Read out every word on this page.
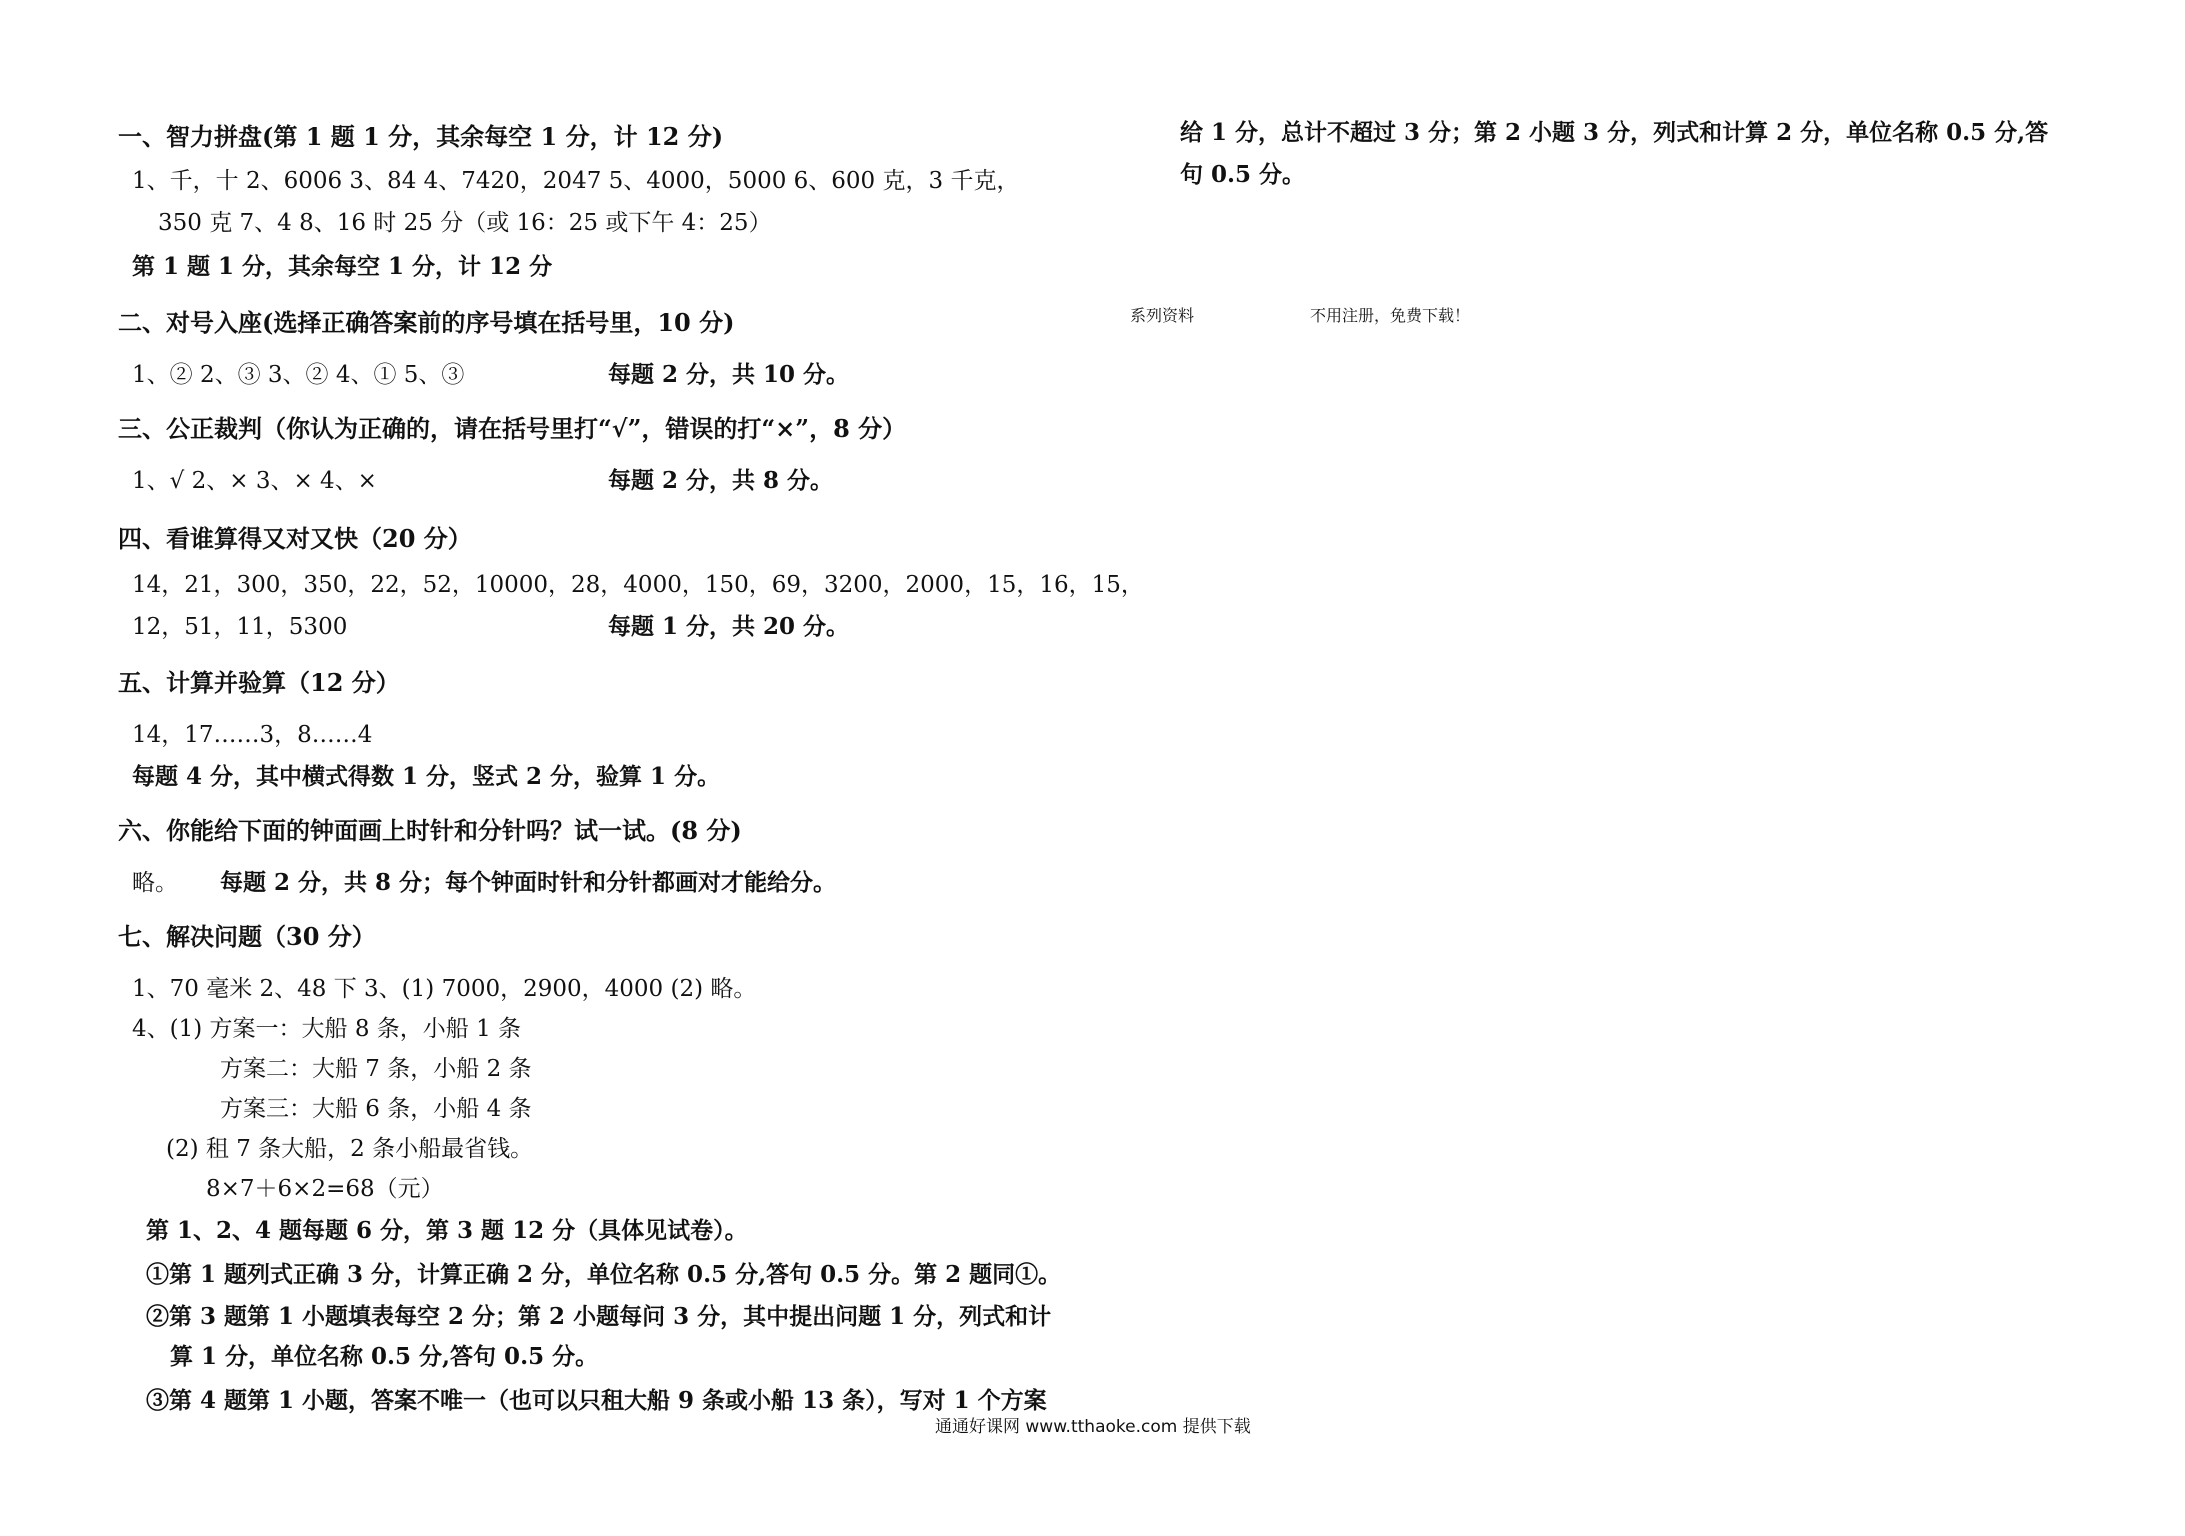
一、智力拼盘(第 1 题 1 分，其余每空 1 分，计 12 分)
1、千，十 2、6006 3、84 4、7420，2047 5、4000，5000 6、600 克，3 千克，
350 克 7、4 8、16 时 25 分（或 16：25 或下午 4：25）
第 1 题 1 分，其余每空 1 分，计 12 分
二、对号入座(选择正确答案前的序号填在括号里，10 分)
1、② 2、③ 3、② 4、① 5、③	每题 2 分，共 10 分。
三、公正裁判（你认为正确的，请在括号里打“√”，错误的打“×”，8 分）
1、√ 2、× 3、× 4、×	每题 2 分，共 8 分。
四、看谁算得又对又快（20 分）
14，21，300，350，22，52，10000，28，4000，150，69，3200，2000，15，16，15，
12，51，11，5300	每题 1 分，共 20 分。
五、计算并验算（12 分）
14，17……3，8……4
每题 4 分，其中横式得数 1 分，竖式 2 分，验算 1 分。
六、你能给下面的钟面画上时针和分针吗？试一试。(8 分)
略。 每题 2 分，共 8 分；每个钟面时针和分针都画对才能给分。
七、解决问题（30 分）
1、70 毫米 2、48 下 3、(1) 7000，2900，4000 (2) 略。
4、(1) 方案一：大船 8 条，小船 1 条
方案二：大船 7 条，小船 2 条
方案三：大船 6 条，小船 4 条
(2) 租 7 条大船，2 条小船最省钱。
8×7＋6×2=68（元）
第 1、2、4 题每题 6 分，第 3 题 12 分（具体见试卷）。
①第 1 题列式正确 3 分，计算正确 2 分，单位名称 0.5 分,答句 0.5 分。第 2 题同①。
②第 3 题第 1 小题填表每空 2 分；第 2 小题每问 3 分，其中提出问题 1 分，列式和计
算 1 分，单位名称 0.5 分,答句 0.5 分。
③第 4 题第 1 小题，答案不唯一（也可以只租大船 9 条或小船 13 条），写对 1 个方案
给 1 分，总计不超过 3 分；第 2 小题 3 分，列式和计算 2 分，单位名称 0.5 分,答
句 0.5 分。
系列资料	不用注册，免费下载！
通通好课网 www.tthaoke.com 提供下载
